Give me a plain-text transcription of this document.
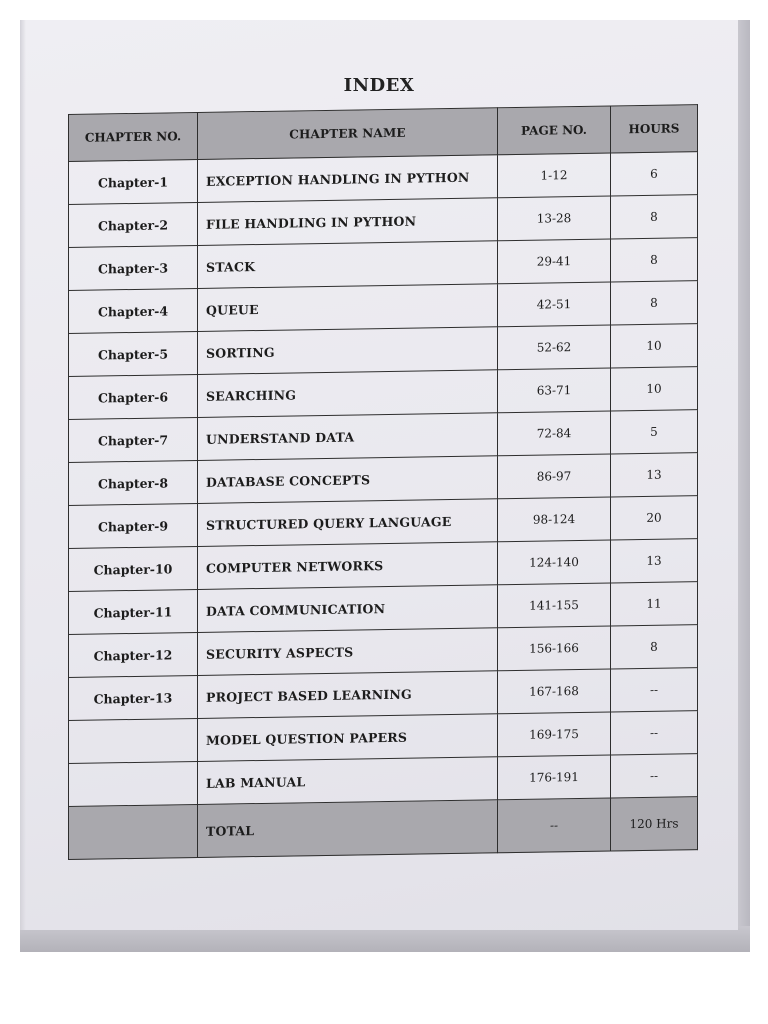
INDEX
CHAPTER NO.	CHAPTER NAME	PAGE NO.	HOURS
Chapter-1	EXCEPTION HANDLING IN PYTHON	1-12	6
Chapter-2	FILE HANDLING IN PYTHON	13-28	8
Chapter-3	STACK	29-41	8
Chapter-4	QUEUE	42-51	8
Chapter-5	SORTING	52-62	10
Chapter-6	SEARCHING	63-71	10
Chapter-7	UNDERSTAND DATA	72-84	5
Chapter-8	DATABASE CONCEPTS	86-97	13
Chapter-9	STRUCTURED QUERY LANGUAGE	98-124	20
Chapter-10	COMPUTER NETWORKS	124-140	13
Chapter-11	DATA COMMUNICATION	141-155	11
Chapter-12	SECURITY ASPECTS	156-166	8
Chapter-13	PROJECT BASED LEARNING	167-168	--
	MODEL QUESTION PAPERS	169-175	--
	LAB MANUAL	176-191	--
	TOTAL	--	120 Hrs
